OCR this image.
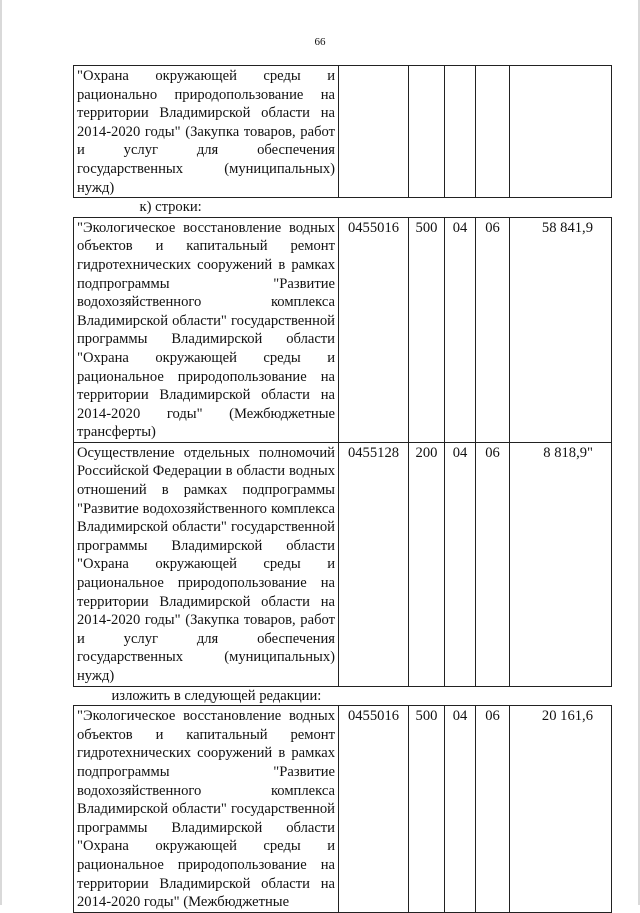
66
"Охрана окружающей среды и рационально природопользование на территории Владимирской области на 2014-2020 годы" (Закупка товаров, работ и услуг для обеспечения государственных (муниципальных) нужд)					
к) строки:					
"Экологическое восстановление водных объектов и капитальный ремонт гидротехнических сооружений в рамках подпрограммы "Развитие водохозяйственного комплекса Владимирской области" государственной программы Владимирской области "Охрана окружающей среды и рациональное природопользование на территории Владимирской области на 2014-2020 годы" (Межбюджетные трансферты)	0455016	500	04	06	58 841,9
Осуществление отдельных полномочий Российской Федерации в области водных отношений в рамках подпрограммы "Развитие водохозяйственного комплекса Владимирской области" государственной программы Владимирской области "Охрана окружающей среды и рациональное природопользование на территории Владимирской области на 2014-2020 годы" (Закупка товаров, работ и услуг для обеспечения государственных (муниципальных) нужд)	0455128	200	04	06	8 818,9"
изложить в следующей редакции:					
"Экологическое восстановление водных объектов и капитальный ремонт гидротехнических сооружений в рамках подпрограммы "Развитие водохозяйственного комплекса Владимирской области" государственной программы Владимирской области "Охрана окружающей среды и рациональное природопользование на территории Владимирской области на 2014-2020 годы" (Межбюджетные	0455016	500	04	06	20 161,6
